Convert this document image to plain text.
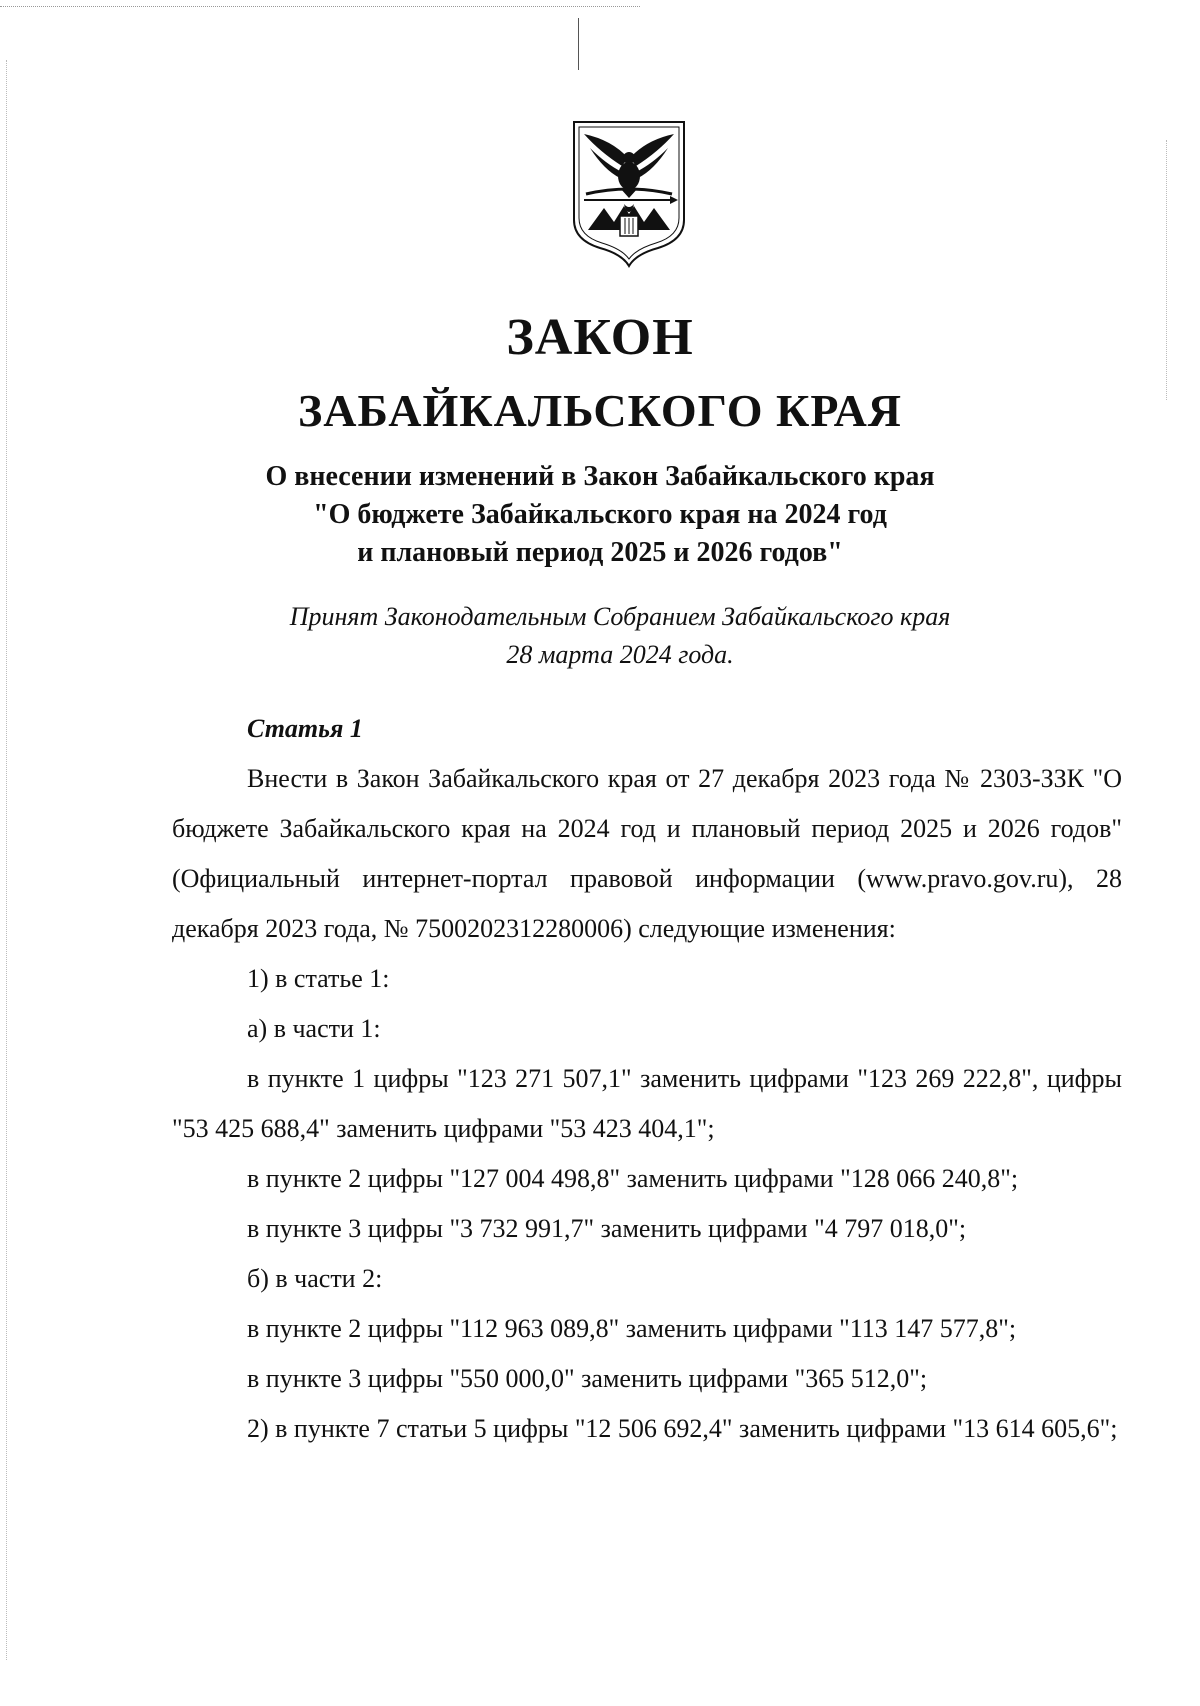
ЗАКОН
ЗАБАЙКАЛЬСКОГО КРАЯ
О внесении изменений в Закон Забайкальского края
"О бюджете Забайкальского края на 2024 год
и плановый период 2025 и 2026 годов"
Принят Законодательным Собранием Забайкальского края
28 марта 2024 года.

Статья 1

Внести в Закон Забайкальского края от 27 декабря 2023 года № 2303-ЗЗК "О бюджете Забайкальского края на 2024 год и плановый период 2025 и 2026 годов" (Официальный интернет-портал правовой информации (www.pravo.gov.ru), 28 декабря 2023 года, № 7500202312280006) следующие изменения:

1) в статье 1:

а) в части 1:

в пункте 1 цифры "123 271 507,1" заменить цифрами "123 269 222,8", цифры "53 425 688,4" заменить цифрами "53 423 404,1";

в пункте 2 цифры "127 004 498,8" заменить цифрами "128 066 240,8";

в пункте 3 цифры "3 732 991,7" заменить цифрами "4 797 018,0";

б) в части 2:

в пункте 2 цифры "112 963 089,8" заменить цифрами "113 147 577,8";

в пункте 3 цифры "550 000,0" заменить цифрами "365 512,0";

2) в пункте 7 статьи 5 цифры "12 506 692,4" заменить цифрами "13 614 605,6";
